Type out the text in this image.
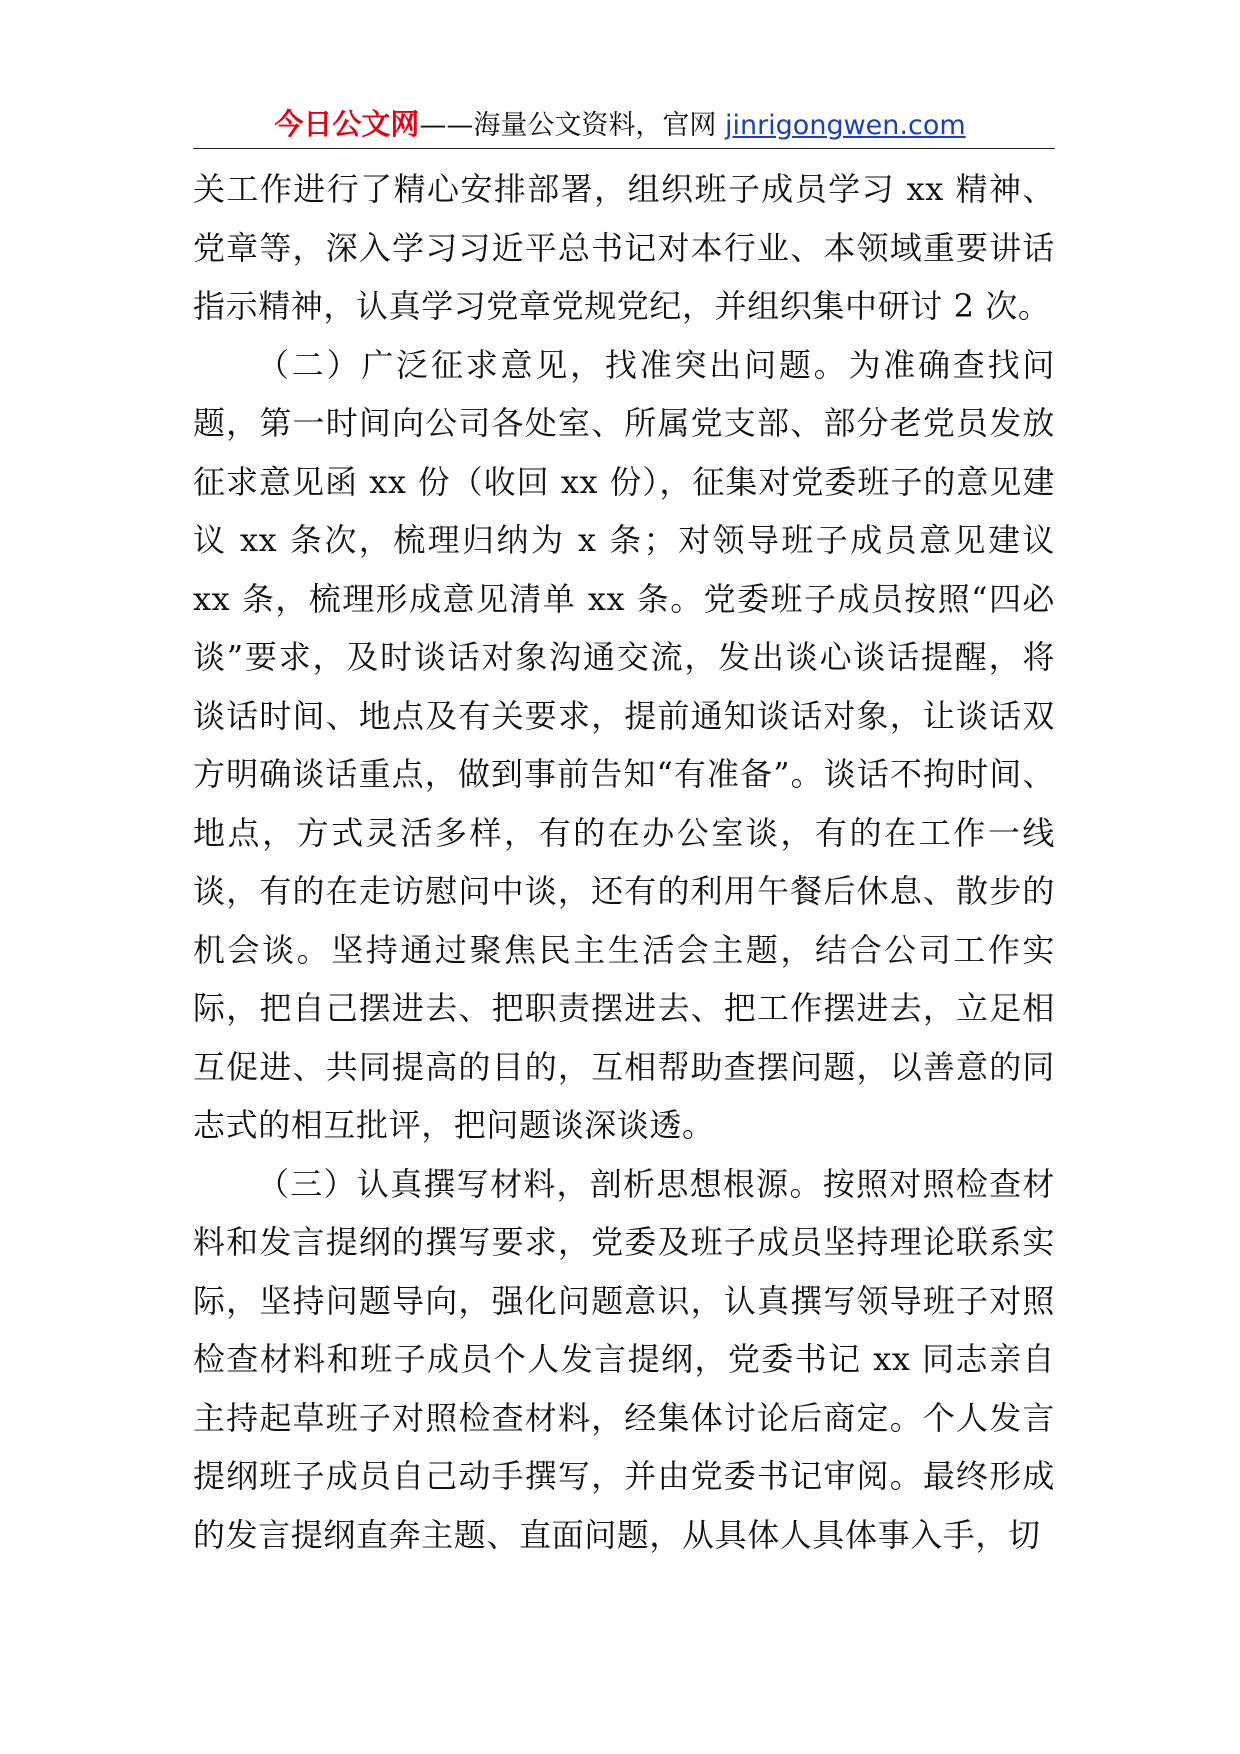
今日公文网——海量公文资料，官网 jinrigongwen.com

关工作进行了精心安排部署，组织班子成员学习 xx 精神、党章等，深入学习习近平总书记对本行业、本领域重要讲话指示精神，认真学习党章党规党纪，并组织集中研讨 2 次。

（二）广泛征求意见，找准突出问题。为准确查找问题，第一时间向公司各处室、所属党支部、部分老党员发放征求意见函 xx 份（收回 xx 份），征集对党委班子的意见建议 xx 条次，梳理归纳为 x 条；对领导班子成员意见建议 xx 条，梳理形成意见清单 xx 条。党委班子成员按照“四必谈”要求，及时谈话对象沟通交流，发出谈心谈话提醒，将谈话时间、地点及有关要求，提前通知谈话对象，让谈话双方明确谈话重点，做到事前告知“有准备”。谈话不拘时间、地点，方式灵活多样，有的在办公室谈，有的在工作一线谈，有的在走访慰问中谈，还有的利用午餐后休息、散步的机会谈。坚持通过聚焦民主生活会主题，结合公司工作实际，把自己摆进去、把职责摆进去、把工作摆进去，立足相互促进、共同提高的目的，互相帮助查摆问题，以善意的同志式的相互批评，把问题谈深谈透。

（三）认真撰写材料，剖析思想根源。按照对照检查材料和发言提纲的撰写要求，党委及班子成员坚持理论联系实际，坚持问题导向，强化问题意识，认真撰写领导班子对照检查材料和班子成员个人发言提纲，党委书记 xx 同志亲自主持起草班子对照检查材料，经集体讨论后商定。个人发言提纲班子成员自己动手撰写，并由党委书记审阅。最终形成的发言提纲直奔主题、直面问题，从具体人具体事入手，切
